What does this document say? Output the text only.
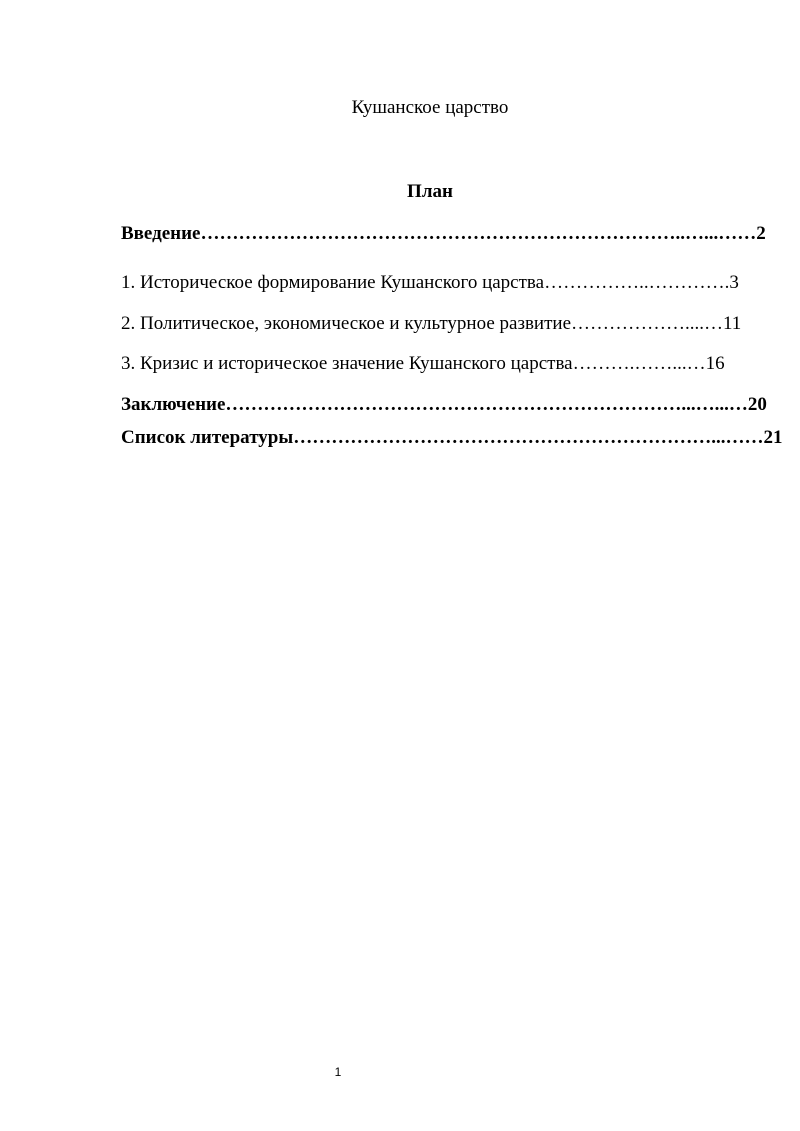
Кушанское царство
План
Введение…………………………………………………………………..…...……2
1. Историческое формирование Кушанского царства……………..………….3
2. Политическое, экономическое и культурное развитие………………....…11
3. Кризис и историческое значение Кушанского царства……….……...…16
Заключение………………………………………………………………...…...…20
Список литературы…………………………………………………………...……21
1
